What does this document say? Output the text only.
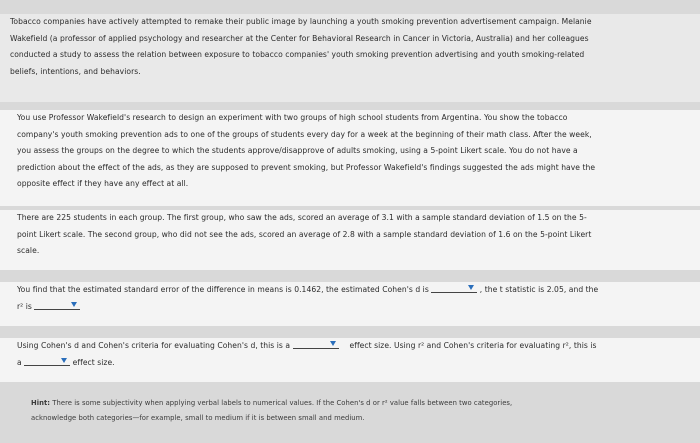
Tobacco companies have actively attempted to remake their public image by launching a youth smoking prevention advertisement campaign. Melanie
Wakefield (a professor of applied psychology and researcher at the Center for Behavioral Research in Cancer in Victoria, Australia) and her colleagues
conducted a study to assess the relation between exposure to tobacco companies' youth smoking prevention advertising and youth smoking-related
beliefs, intentions, and behaviors.
You use Professor Wakefield's research to design an experiment with two groups of high school students from Argentina. You show the tobacco
company's youth smoking prevention ads to one of the groups of students every day for a week at the beginning of their math class. After the week,
you assess the groups on the degree to which the students approve/disapprove of adults smoking, using a 5-point Likert scale. You do not have a
prediction about the effect of the ads, as they are supposed to prevent smoking, but Professor Wakefield's findings suggested the ads might have the
opposite effect if they have any effect at all.
There are 225 students in each group. The first group, who saw the ads, scored an average of 3.1 with a sample standard deviation of 1.5 on the 5-
point Likert scale. The second group, who did not see the ads, scored an average of 2.8 with a sample standard deviation of 1.6 on the 5-point Likert
scale.
You find that the estimated standard error of the difference in means is 0.1462, the estimated Cohen's d is	, the t statistic is 2.05, and the
r² is
Using Cohen's d and Cohen's criteria for evaluating Cohen's d, this is a	effect size. Using r² and Cohen's criteria for evaluating r², this is
a	effect size.
Hint: There is some subjectivity when applying verbal labels to numerical values. If the Cohen's d or r² value falls between two categories,
acknowledge both categories—for example, small to medium if it is between small and medium.
